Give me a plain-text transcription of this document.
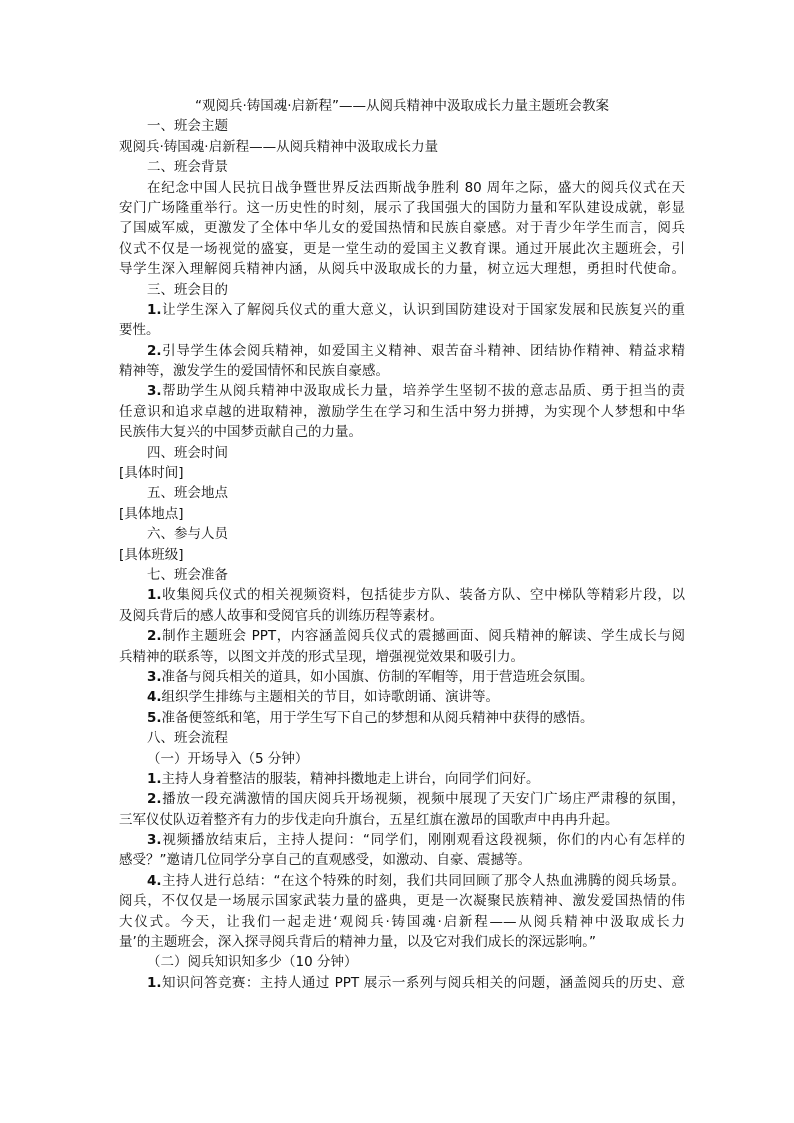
“观阅兵·铸国魂·启新程”——从阅兵精神中汲取成长力量主题班会教案
一、班会主题
观阅兵·铸国魂·启新程——从阅兵精神中汲取成长力量
二、班会背景
在纪念中国人民抗日战争暨世界反法西斯战争胜利 80 周年之际，盛大的阅兵仪式在天
安门广场隆重举行。这一历史性的时刻，展示了我国强大的国防力量和军队建设成就，彰显
了国威军威，更激发了全体中华儿女的爱国热情和民族自豪感。对于青少年学生而言，阅兵
仪式不仅是一场视觉的盛宴，更是一堂生动的爱国主义教育课。通过开展此次主题班会，引
导学生深入理解阅兵精神内涵，从阅兵中汲取成长的力量，树立远大理想，勇担时代使命。
三、班会目的
1.让学生深入了解阅兵仪式的重大意义，认识到国防建设对于国家发展和民族复兴的重
要性。
2.引导学生体会阅兵精神，如爱国主义精神、艰苦奋斗精神、团结协作精神、精益求精
精神等，激发学生的爱国情怀和民族自豪感。
3.帮助学生从阅兵精神中汲取成长力量，培养学生坚韧不拔的意志品质、勇于担当的责
任意识和追求卓越的进取精神，激励学生在学习和生活中努力拼搏，为实现个人梦想和中华
民族伟大复兴的中国梦贡献自己的力量。
四、班会时间
[具体时间]
五、班会地点
[具体地点]
六、参与人员
[具体班级]
七、班会准备
1.收集阅兵仪式的相关视频资料，包括徒步方队、装备方队、空中梯队等精彩片段，以
及阅兵背后的感人故事和受阅官兵的训练历程等素材。
2.制作主题班会 PPT，内容涵盖阅兵仪式的震撼画面、阅兵精神的解读、学生成长与阅
兵精神的联系等，以图文并茂的形式呈现，增强视觉效果和吸引力。
3.准备与阅兵相关的道具，如小国旗、仿制的军帽等，用于营造班会氛围。
4.组织学生排练与主题相关的节目，如诗歌朗诵、演讲等。
5.准备便签纸和笔，用于学生写下自己的梦想和从阅兵精神中获得的感悟。
八、班会流程
（一）开场导入（5 分钟）
1.主持人身着整洁的服装，精神抖擞地走上讲台，向同学们问好。
2.播放一段充满激情的国庆阅兵开场视频，视频中展现了天安门广场庄严肃穆的氛围，
三军仪仗队迈着整齐有力的步伐走向升旗台，五星红旗在激昂的国歌声中冉冉升起。
3.视频播放结束后，主持人提问：“同学们，刚刚观看这段视频，你们的内心有怎样的
感受？”邀请几位同学分享自己的直观感受，如激动、自豪、震撼等。
4.主持人进行总结：“在这个特殊的时刻，我们共同回顾了那令人热血沸腾的阅兵场景。
阅兵，不仅仅是一场展示国家武装力量的盛典，更是一次凝聚民族精神、激发爱国热情的伟
大仪式。今天，让我们一起走进‘观阅兵·铸国魂·启新程——从阅兵精神中汲取成长力
量’的主题班会，深入探寻阅兵背后的精神力量，以及它对我们成长的深远影响。”
（二）阅兵知识知多少（10 分钟）
1.知识问答竞赛：主持人通过 PPT 展示一系列与阅兵相关的问题，涵盖阅兵的历史、意
